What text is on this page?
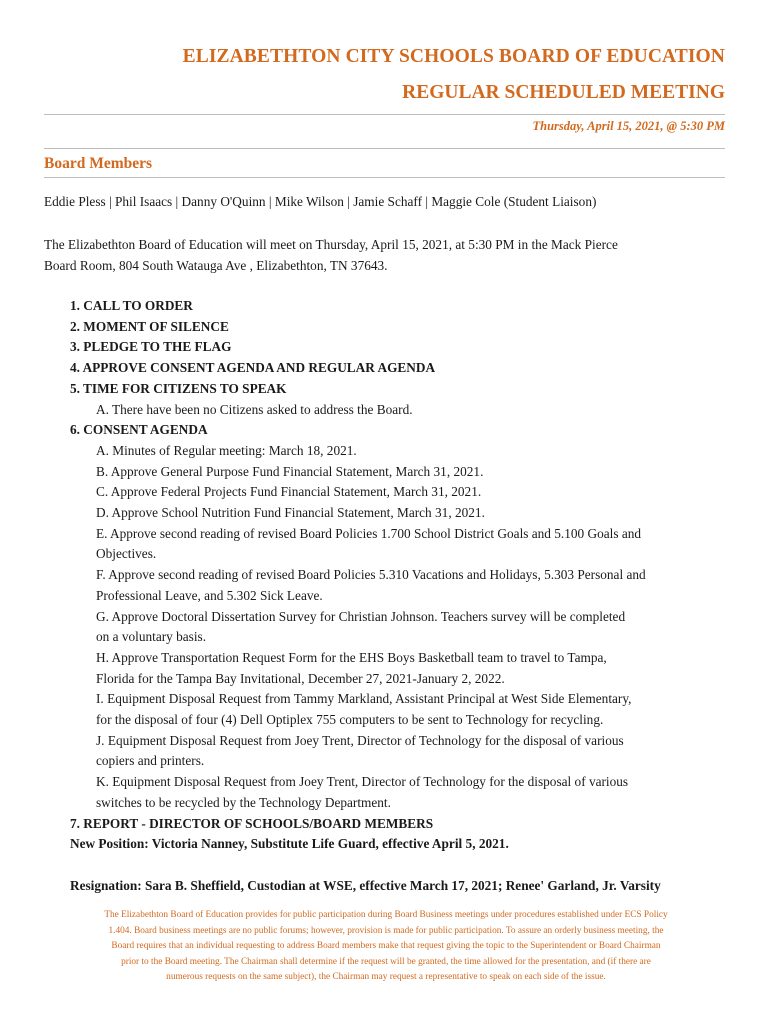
ELIZABETHTON CITY SCHOOLS BOARD OF EDUCATION
REGULAR SCHEDULED MEETING
Thursday, April 15, 2021, @ 5:30 PM
Board Members
Eddie Pless | Phil Isaacs | Danny O'Quinn | Mike Wilson | Jamie Schaff | Maggie Cole (Student Liaison)
The Elizabethton Board of Education will meet on Thursday, April 15, 2021, at 5:30 PM in the Mack Pierce
Board Room, 804 South Watauga Ave , Elizabethton, TN 37643.
1. CALL TO ORDER
2. MOMENT OF SILENCE
3. PLEDGE TO THE FLAG
4. APPROVE CONSENT AGENDA AND REGULAR AGENDA
5. TIME FOR CITIZENS TO SPEAK
A. There have been no Citizens asked to address the Board.
6. CONSENT AGENDA
A. Minutes of Regular meeting: March 18, 2021.
B. Approve General Purpose Fund Financial Statement, March 31, 2021.
C. Approve Federal Projects Fund Financial Statement, March 31, 2021.
D. Approve School Nutrition Fund Financial Statement, March 31, 2021.
E. Approve second reading of revised Board Policies 1.700 School District Goals and 5.100 Goals and
Objectives.
F. Approve second reading of revised Board Policies 5.310 Vacations and Holidays, 5.303 Personal and
Professional Leave, and 5.302 Sick Leave.
G. Approve Doctoral Dissertation Survey for Christian Johnson. Teachers survey will be completed
on a voluntary basis.
H. Approve Transportation Request Form for the EHS Boys Basketball team to travel to Tampa,
Florida for the Tampa Bay Invitational, December 27, 2021-January 2, 2022.
I. Equipment Disposal Request from Tammy Markland, Assistant Principal at West Side Elementary,
for the disposal of four (4) Dell Optiplex 755 computers to be sent to Technology for recycling.
J. Equipment Disposal Request from Joey Trent, Director of Technology for the disposal of various
copiers and printers.
K. Equipment Disposal Request from Joey Trent, Director of Technology for the disposal of various
switches to be recycled by the Technology Department.
7. REPORT - DIRECTOR OF SCHOOLS/BOARD MEMBERS
New Position: Victoria Nanney, Substitute Life Guard, effective April 5, 2021.
Resignation: Sara B. Sheffield, Custodian at WSE, effective March 17, 2021; Renee' Garland, Jr. Varsity
The Elizabethton Board of Education provides for public participation during Board Business meetings under procedures established under ECS Policy
1.404. Board business meetings are no public forums; however, provision is made for public participation. To assure an orderly business meeting, the
Board requires that an individual requesting to address Board members make that request giving the topic to the Superintendent or Board Chairman
prior to the Board meeting. The Chairman shall determine if the request will be granted, the time allowed for the presentation, and (if there are
numerous requests on the same subject), the Chairman may request a representative to speak on each side of the issue.
